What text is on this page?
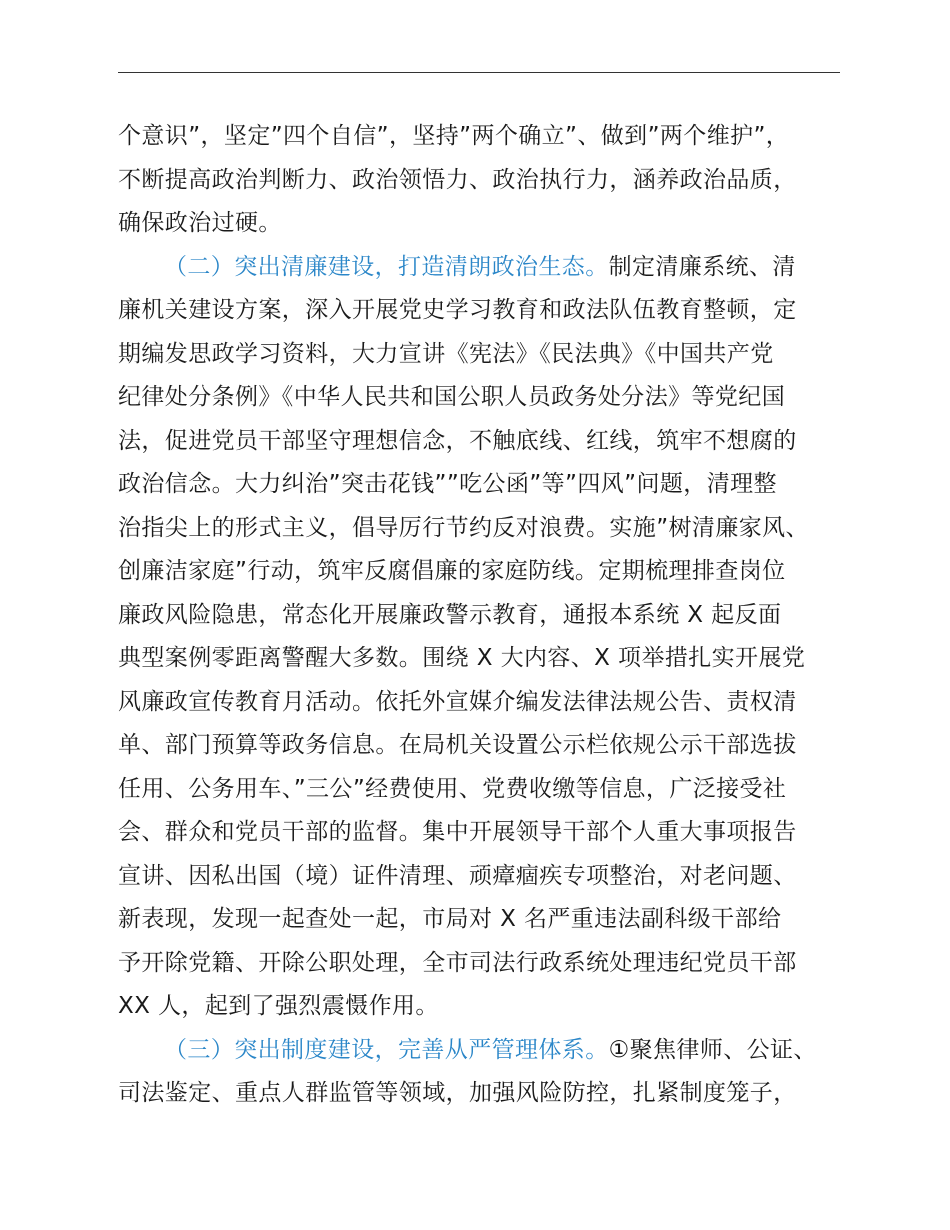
个意识”，坚定”四个自信”，坚持”两个确立”、做到”两个维护”，
不断提高政治判断力、政治领悟力、政治执行力，涵养政治品质，
确保政治过硬。
（二）突出清廉建设，打造清朗政治生态。制定清廉系统、清
廉机关建设方案，深入开展党史学习教育和政法队伍教育整顿，定
期编发思政学习资料，大力宣讲《宪法》《民法典》《中国共产党
纪律处分条例》《中华人民共和国公职人员政务处分法》等党纪国
法，促进党员干部坚守理想信念，不触底线、红线，筑牢不想腐的
政治信念。大力纠治”突击花钱””吃公函”等”四风”问题，清理整
治指尖上的形式主义，倡导厉行节约反对浪费。实施”树清廉家风、
创廉洁家庭”行动，筑牢反腐倡廉的家庭防线。定期梳理排查岗位
廉政风险隐患，常态化开展廉政警示教育，通报本系统 X 起反面
典型案例零距离警醒大多数。围绕 X 大内容、X 项举措扎实开展党
风廉政宣传教育月活动。依托外宣媒介编发法律法规公告、责权清
单、部门预算等政务信息。在局机关设置公示栏依规公示干部选拔
任用、公务用车、”三公”经费使用、党费收缴等信息，广泛接受社
会、群众和党员干部的监督。集中开展领导干部个人重大事项报告
宣讲、因私出国（境）证件清理、顽瘴痼疾专项整治，对老问题、
新表现，发现一起查处一起，市局对 X 名严重违法副科级干部给
予开除党籍、开除公职处理，全市司法行政系统处理违纪党员干部
XX 人，起到了强烈震慑作用。
（三）突出制度建设，完善从严管理体系。①聚焦律师、公证、
司法鉴定、重点人群监管等领域，加强风险防控，扎紧制度笼子，
